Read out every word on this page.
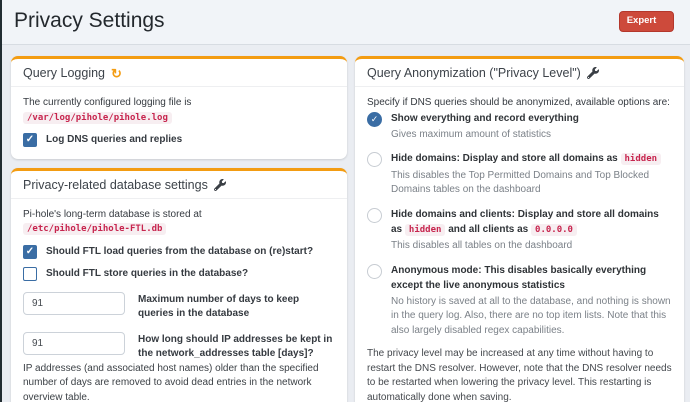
Privacy Settings	Expert
Query Logging ↻

The currently configured logging file is /var/log/pihole/pihole.log

✓ Log DNS queries and replies
Privacy-related database settings

Pi-hole's long-term database is stored at /etc/pihole/pihole-FTL.db

✓ Should FTL load queries from the database on (re)start?
Should FTL store queries in the database?
91
Maximum number of days to keep queries in the database
91
How long should IP addresses be kept in the network_addresses table [days]?

IP addresses (and associated host names) older than the specified number of days are removed to avoid dead entries in the network overview table.

Query Anonymization ("Privacy Level")

Specify if DNS queries should be anonymized, available options are:

✓ Show everything and record everything
Gives maximum amount of statistics
Hide domains: Display and store all domains as hidden
This disables the Top Permitted Domains and Top Blocked Domains tables on the dashboard
Hide domains and clients: Display and store all domains as hidden and all clients as 0.0.0.0
This disables all tables on the dashboard
Anonymous mode: This disables basically everything except the live anonymous statistics
No history is saved at all to the database, and nothing is shown in the query log. Also, there are no top item lists. Note that this also largely disabled regex capabilities.

The privacy level may be increased at any time without having to restart the DNS resolver. However, note that the DNS resolver needs to be restarted when lowering the privacy level. This restarting is automatically done when saving.
